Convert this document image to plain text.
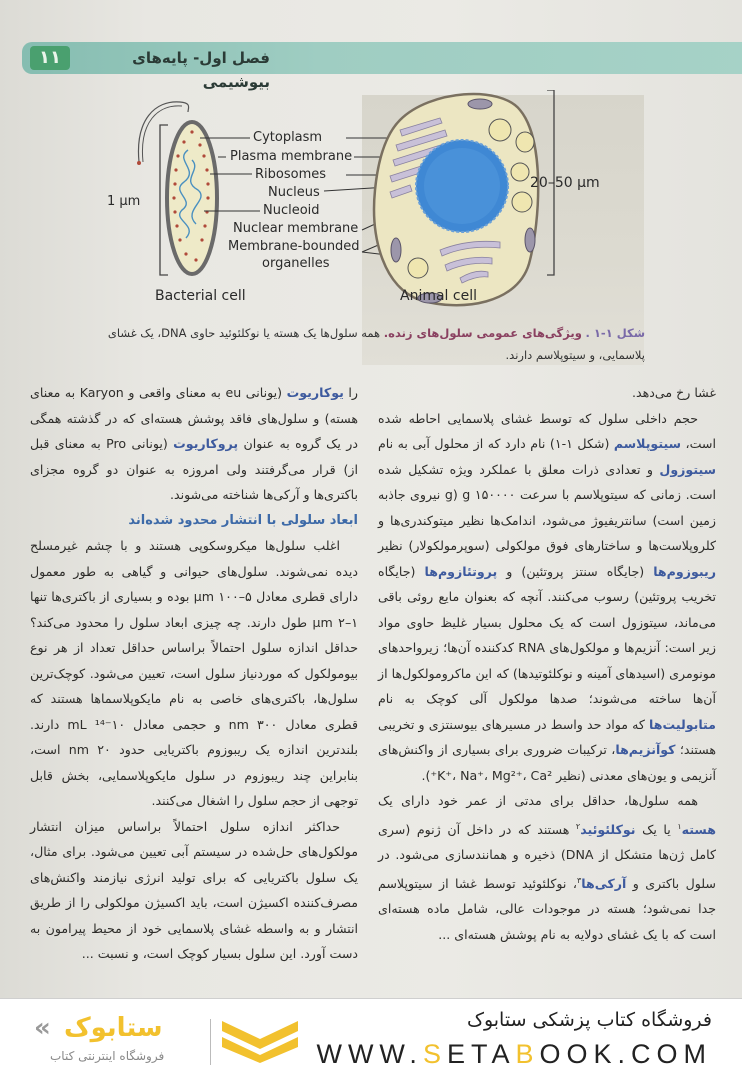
۱۱	فصل اول- پایه‌های بیوشیمی
1 μm
Cytoplasm
Plasma membrane
Ribosomes
Nucleus
Nucleoid
Nuclear membrane
Membrane-bounded
organelles
20–50 μm
Bacterial cell	Animal cell
شکل ۱-۱ . ویژگی‌های عمومی سلول‌های زنده. همه سلول‌ها یک هسته یا نوکلئوئید حاوی DNA، یک غشای پلاسمایی، و سیتوپلاسم دارند.

غشا رخ می‌دهد.

حجم داخلی سلول که توسط غشای پلاسمایی احاطه شده است، سیتوپلاسم (شکل ۱-۱) نام دارد که از محلول آبی به نام سیتوزول و تعدادی ذرات معلق با عملکرد ویژه تشکیل شده است. زمانی که سیتوپلاسم با سرعت ۱۵۰۰۰۰ g (g نیروی جاذبه زمین است) سانتریفیوژ می‌شود، اندامک‌ها نظیر میتوکندری‌ها و کلروپلاست‌ها و ساختارهای فوق مولکولی (سوپرمولکولار) نظیر ریبوزوم‌ها (جایگاه سنتز پروتئین) و پروتئازوم‌ها (جایگاه تخریب پروتئین) رسوب می‌کنند. آنچه که بعنوان مایع روئی باقی می‌ماند، سیتوزول است که یک محلول بسیار غلیظ حاوی مواد زیر است: آنزیم‌ها و مولکول‌های RNA کدکننده آن‌ها؛ زیرواحدهای مونومری (اسیدهای آمینه و نوکلئوتیدها) که این ماکرومولکول‌ها از آن‌ها ساخته می‌شوند؛ صدها مولکول آلی کوچک به نام متابولیت‌ها که مواد حد واسط در مسیرهای بیوسنتزی و تخریبی هستند؛ کوآنزیم‌ها، ترکیبات ضروری برای بسیاری از واکنش‌های آنزیمی و یون‌های معدنی (نظیر K⁺، Na⁺، Mg²⁺، Ca²⁺).

همه سلول‌ها، حداقل برای مدتی از عمر خود دارای یک هسته$^۱$ یا یک نوکلئوئید$^۲$ هستند که در داخل آن ژنوم (سری کامل ژن‌ها متشکل از DNA) ذخیره و همانندسازی می‌شود. در سلول باکتری و آرکی‌ها$^۳$، نوکلئوئید توسط غشا از سیتوپلاسم جدا نمی‌شود؛ هسته در موجودات عالی، شامل ماده هسته‌ای است که با یک غشای دولایه به نام پوشش هسته‌ای ...

را یوکاریوت (یونانی eu به معنای واقعی و Karyon به معنای هسته) و سلول‌های فاقد پوشش هسته‌ای که در گذشته همگی در یک گروه به عنوان پروکاریوت (یونانی Pro به معنای قبل از) قرار می‌گرفتند ولی امروزه به عنوان دو گروه مجزای باکتری‌ها و آرکی‌ها شناخته می‌شوند.

ابعاد سلولی با انتشار محدود شده‌اند

اغلب سلول‌ها میکروسکوپی هستند و با چشم غیرمسلح دیده نمی‌شوند. سلول‌های حیوانی و گیاهی به طور معمول دارای قطری معادل ۵–۱۰۰ μm بوده و بسیاری از باکتری‌ها تنها ۱–۲ μm طول دارند. چه چیزی ابعاد سلول را محدود می‌کند؟ حداقل اندازه سلول احتمالاً براساس حداقل تعداد از هر نوع بیومولکول که موردنیاز سلول است، تعیین می‌شود. کوچک‌ترین سلول‌ها، باکتری‌های خاصی به نام مایکوپلاسماها هستند که قطری معادل ۳۰۰ nm و حجمی معادل ۱۰⁻¹⁴ mL دارند. بلندترین اندازه یک ریبوزوم باکتریایی حدود ۲۰ nm است، بنابراین چند ریبوزوم در سلول مایکوپلاسمایی، بخش قابل توجهی از حجم سلول را اشغال می‌کنند.

حداکثر اندازه سلول احتمالاً براساس میزان انتشار مولکول‌های حل‌شده در سیستم آبی تعیین می‌شود. برای مثال، یک سلول باکتریایی که برای تولید انرژی نیازمند واکنش‌های مصرف‌کننده اکسیژن است، باید اکسیژن مولکولی را از طریق انتشار و به واسطه غشای پلاسمایی خود از محیط پیرامون به دست آورد. این سلول بسیار کوچک است، و نسبت ...

« ستابوک
فروشگاه اینترنتی کتاب
فروشگاه کتاب پزشکی ستابوک
WWW.SETABOOK.COM
